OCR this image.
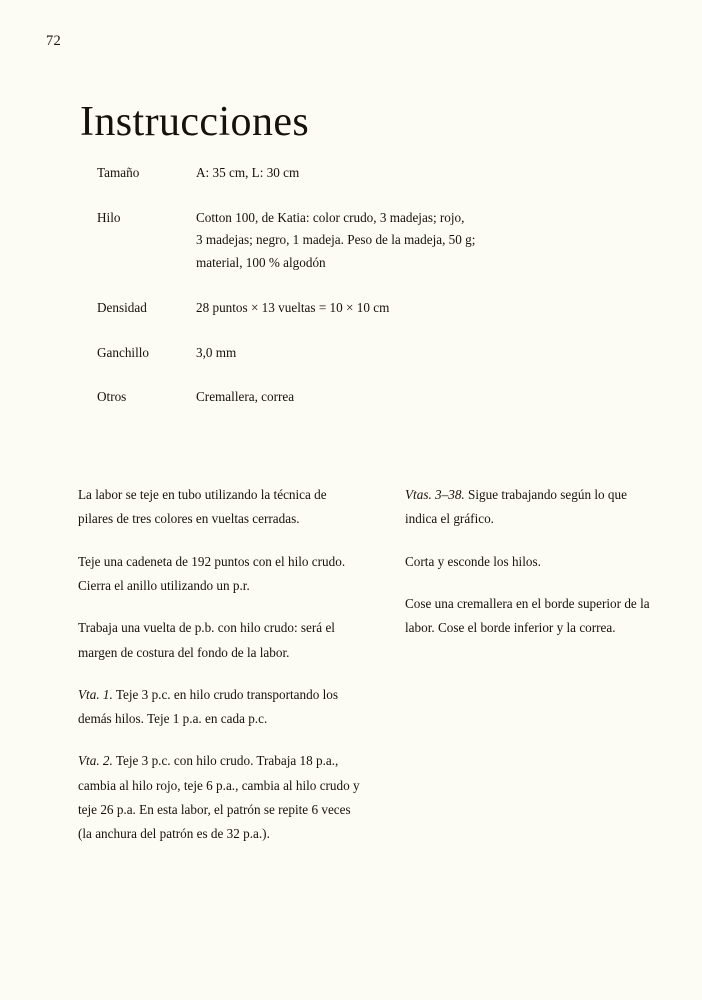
72
Instrucciones
Tamaño	A: 35 cm, L: 30 cm
Hilo	Cotton 100, de Katia: color crudo, 3 madejas; rojo,
3 madejas; negro, 1 madeja. Peso de la madeja, 50 g;
material, 100 % algodón
Densidad	28 puntos × 13 vueltas = 10 × 10 cm
Ganchillo	3,0 mm
Otros	Cremallera, correa

La labor se teje en tubo utilizando la técnica de pilares de tres colores en vueltas cerradas.

Teje una cadeneta de 192 puntos con el hilo crudo. Cierra el anillo utilizando un p.r.

Trabaja una vuelta de p.b. con hilo crudo: será el margen de costura del fondo de la labor.

Vta. 1. Teje 3 p.c. en hilo crudo transportando los demás hilos. Teje 1 p.a. en cada p.c.

Vta. 2. Teje 3 p.c. con hilo crudo. Trabaja 18 p.a., cambia al hilo rojo, teje 6 p.a., cambia al hilo crudo y teje 26 p.a. En esta labor, el patrón se repite 6 veces (la anchura del patrón es de 32 p.a.).

Vtas. 3–38. Sigue trabajando según lo que indica el gráfico.

Corta y esconde los hilos.

Cose una cremallera en el borde superior de la labor. Cose el borde inferior y la correa.
